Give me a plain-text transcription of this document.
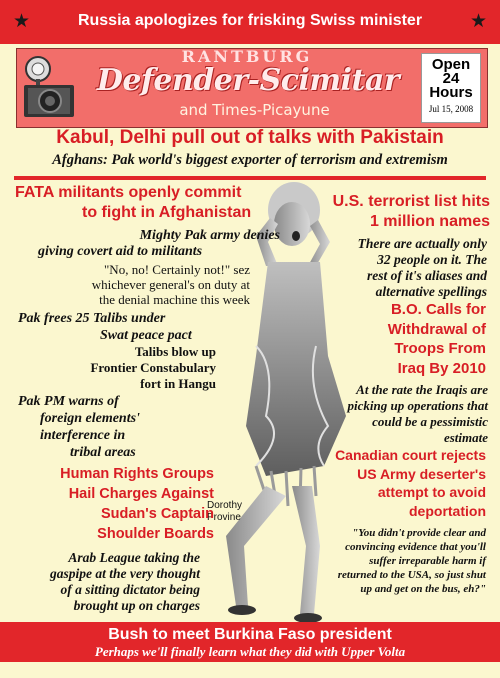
★	Russia apologizes for frisking Swiss minister	★
RANTBURG
Defender-Scimitar
and Times-Picayune
Open
24
Hours
Jul 15, 2008
Kabul, Delhi pull out of talks with Pakistain
Afghans: Pak world's biggest exporter of terrorism and extremism
Dorothy
Provine
FATA militants openly commit
to fight in Afghanistan
Mighty Pak army denies
giving covert aid to militants
"No, no! Certainly not!" sez
whichever general's on duty at
the denial machine this week
Pak frees 25 Talibs under
Swat peace pact
Talibs blow up
Frontier Constabulary
fort in Hangu
Pak PM warns of
foreign elements'
interference in
tribal areas
Human Rights Groups
Hail Charges Against
Sudan's Captain
Shoulder Boards
Arab League taking the
gaspipe at the very thought
of a sitting dictator being
brought up on charges
U.S. terrorist list hits
1 million names
There are actually only
32 people on it. The
rest of it's aliases and
alternative spellings
B.O. Calls for
Withdrawal of
Troops From
Iraq By 2010
At the rate the Iraqis are
picking up operations that
could be a pessimistic
estimate
Canadian court rejects
US Army deserter's
attempt to avoid
deportation
"You didn't provide clear and
convincing evidence that you'll
suffer irreparable harm if
returned to the USA, so just shut
up and get on the bus, eh?"
Bush to meet Burkina Faso president
Perhaps we'll finally learn what they did with Upper Volta
